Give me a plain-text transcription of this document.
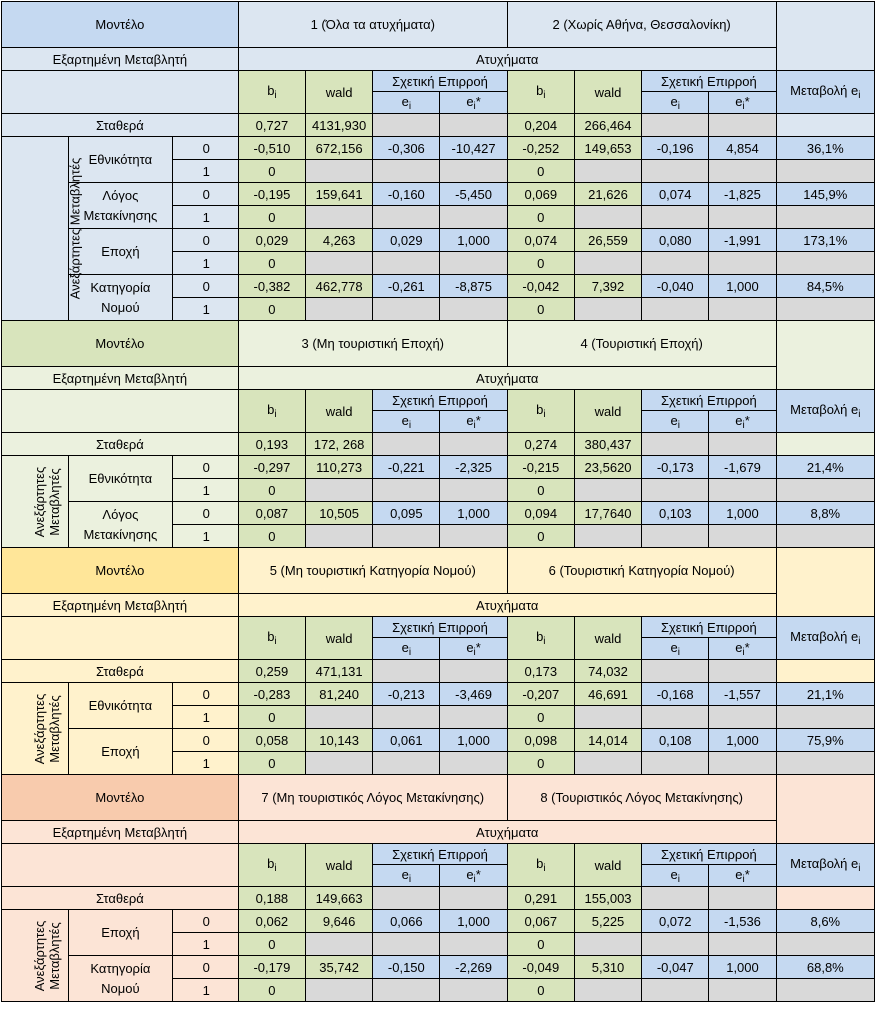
Μοντέλο			1 (Όλα τα ατυχήματα)				2 (Χωρίς Αθήνα, Θεσσαλονίκη)				
Εξαρτημένη Μεταβλητή			Ατυχήματα								
			$b_i$	wald	Σχετική Επιρροή		$b_i$	wald	Σχετική Επιρροή		Μεταβολή $e_i$
					$e_i$	$e_i*$			$e_i$	$e_i*$	
Σταθερά			0,727	4131,930			0,204	266,464			
Ανεξάρτητες Μεταβλητές	Εθνικότητα	0	-0,510	672,156	-0,306	-10,427	-0,252	149,653	-0,196	4,854	36,1%
		1	0				0				
	Λόγος Μετακίνησης	0	-0,195	159,641	-0,160	-5,450	0,069	21,626	0,074	-1,825	145,9%
		1	0				0				
	Εποχή	0	0,029	4,263	0,029	1,000	0,074	26,559	0,080	-1,991	173,1%
		1	0				0				
	Κατηγορία Νομού	0	-0,382	462,778	-0,261	-8,875	-0,042	7,392	-0,040	1,000	84,5%
		1	0				0				
Μοντέλο			3 (Μη τουριστική Εποχή)				4 (Τουριστική Εποχή)				
Εξαρτημένη Μεταβλητή			Ατυχήματα								
			$b_i$	wald	Σχετική Επιρροή		$b_i$	wald	Σχετική Επιρροή		Μεταβολή $e_i$
					$e_i$	$e_i*$			$e_i$	$e_i*$	
Σταθερά			0,193	172, 268			0,274	380,437			
Ανεξάρτητες Μεταβλητές	Εθνικότητα	0	-0,297	110,273	-0,221	-2,325	-0,215	23,5620	-0,173	-1,679	21,4%
		1	0				0				
	Λόγος Μετακίνησης	0	0,087	10,505	0,095	1,000	0,094	17,7640	0,103	1,000	8,8%
		1	0				0				
Μοντέλο			5 (Μη τουριστική Κατηγορία Νομού)				6 (Τουριστική Κατηγορία Νομού)				
Εξαρτημένη Μεταβλητή			Ατυχήματα								
			$b_i$	wald	Σχετική Επιρροή		$b_i$	wald	Σχετική Επιρροή		Μεταβολή $e_i$
					$e_i$	$e_i*$			$e_i$	$e_i*$	
Σταθερά			0,259	471,131			0,173	74,032			
Ανεξάρτητες Μεταβλητές	Εθνικότητα	0	-0,283	81,240	-0,213	-3,469	-0,207	46,691	-0,168	-1,557	21,1%
		1	0				0				
	Εποχή	0	0,058	10,143	0,061	1,000	0,098	14,014	0,108	1,000	75,9%
		1	0				0				
Μοντέλο			7 (Μη τουριστικός Λόγος Μετακίνησης)				8 (Τουριστικός Λόγος Μετακίνησης)				
Εξαρτημένη Μεταβλητή			Ατυχήματα								
			$b_i$	wald	Σχετική Επιρροή		$b_i$	wald	Σχετική Επιρροή		Μεταβολή $e_i$
					$e_i$	$e_i*$			$e_i$	$e_i*$	
Σταθερά			0,188	149,663			0,291	155,003			
Ανεξάρτητες Μεταβλητές	Εποχή	0	0,062	9,646	0,066	1,000	0,067	5,225	0,072	-1,536	8,6%
		1	0				0				
	Κατηγορία Νομού	0	-0,179	35,742	-0,150	-2,269	-0,049	5,310	-0,047	1,000	68,8%
		1	0				0				
